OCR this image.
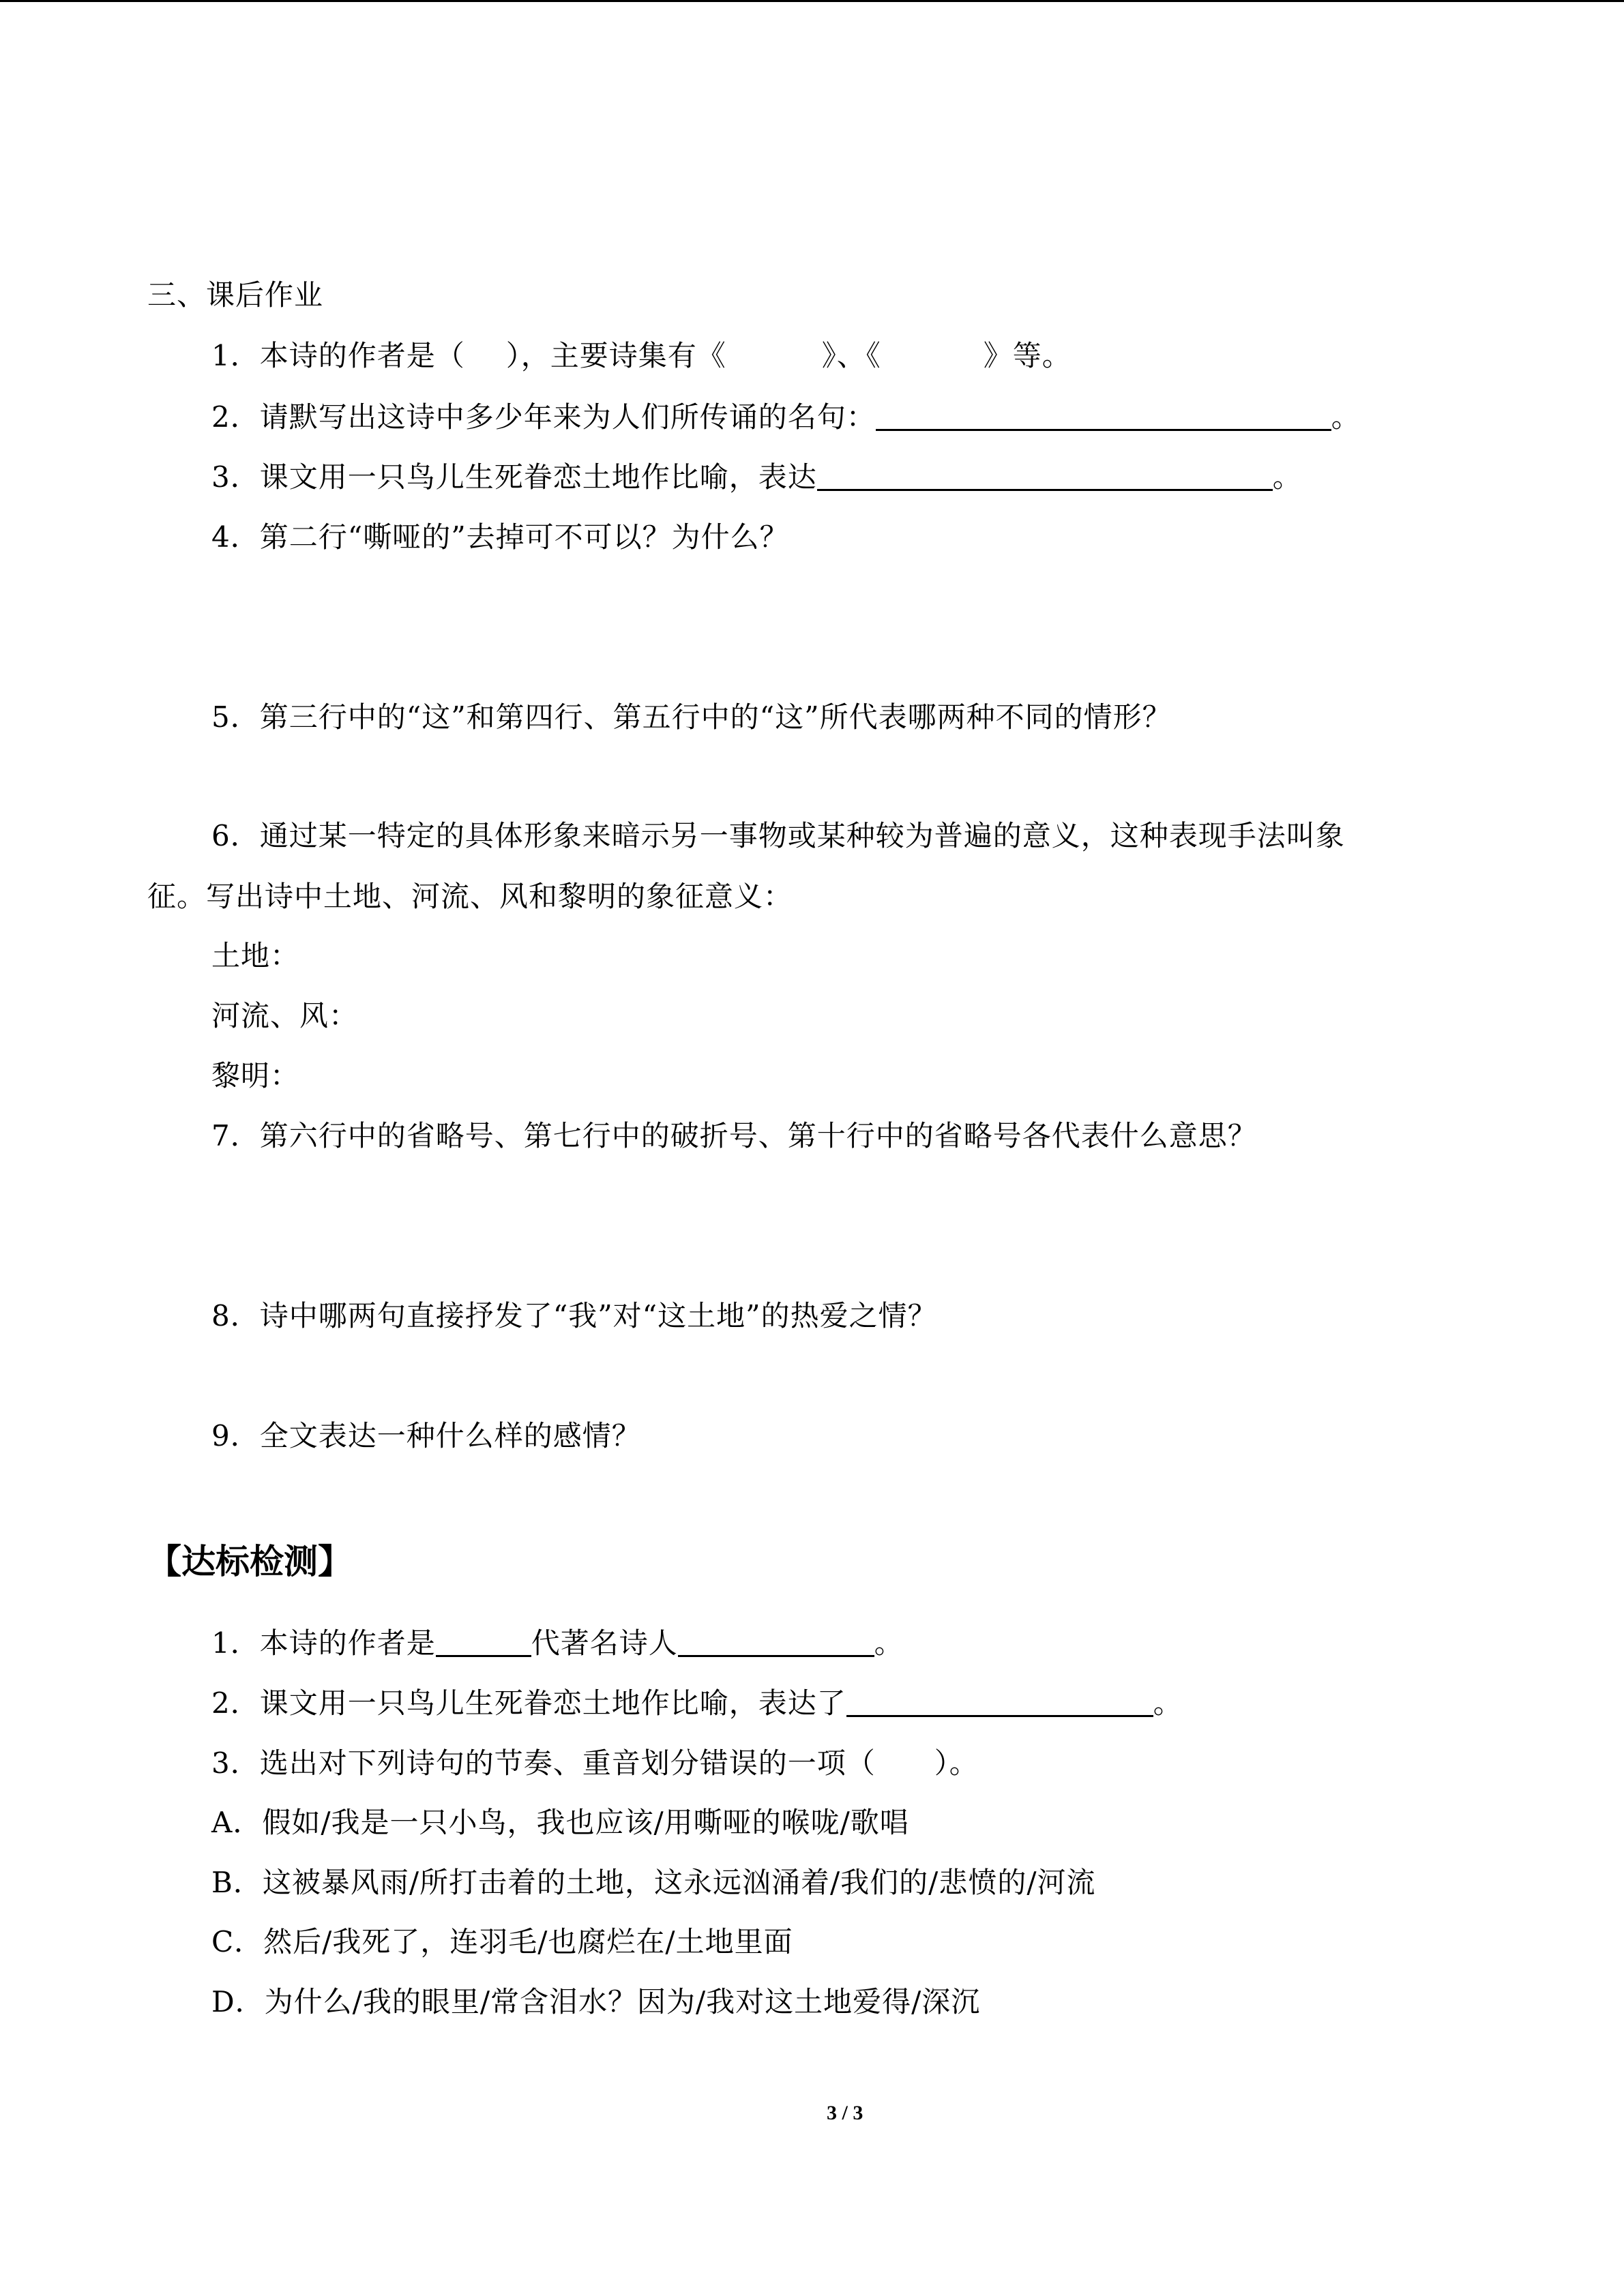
三、课后作业
1．本诗的作者是（ ），主要诗集有《	》、《	》等。
2．请默写出这诗中多少年来为人们所传诵的名句：	。
3．课文用一只鸟儿生死眷恋土地作比喻，表达	。
4．第二行“嘶哑的”去掉可不可以？为什么？
5．第三行中的“这”和第四行、第五行中的“这”所代表哪两种不同的情形？
6．通过某一特定的具体形象来暗示另一事物或某种较为普遍的意义，这种表现手法叫象
征。写出诗中土地、河流、风和黎明的象征意义：
土地：
河流、风：
黎明：
7．第六行中的省略号、第七行中的破折号、第十行中的省略号各代表什么意思？
8．诗中哪两句直接抒发了“我”对“这土地”的热爱之情？
9．全文表达一种什么样的感情？
【达标检测】
1．本诗的作者是	代著名诗人	。
2．课文用一只鸟儿生死眷恋土地作比喻，表达了	。
3．选出对下列诗句的节奏、重音划分错误的一项（　　）。
A．假如/我是一只小鸟，我也应该/用嘶哑的喉咙/歌唱
B．这被暴风雨/所打击着的土地，这永远汹涌着/我们的/悲愤的/河流
C．然后/我死了，连羽毛/也腐烂在/土地里面
D．为什么/我的眼里/常含泪水？因为/我对这土地爱得/深沉
3 / 3
